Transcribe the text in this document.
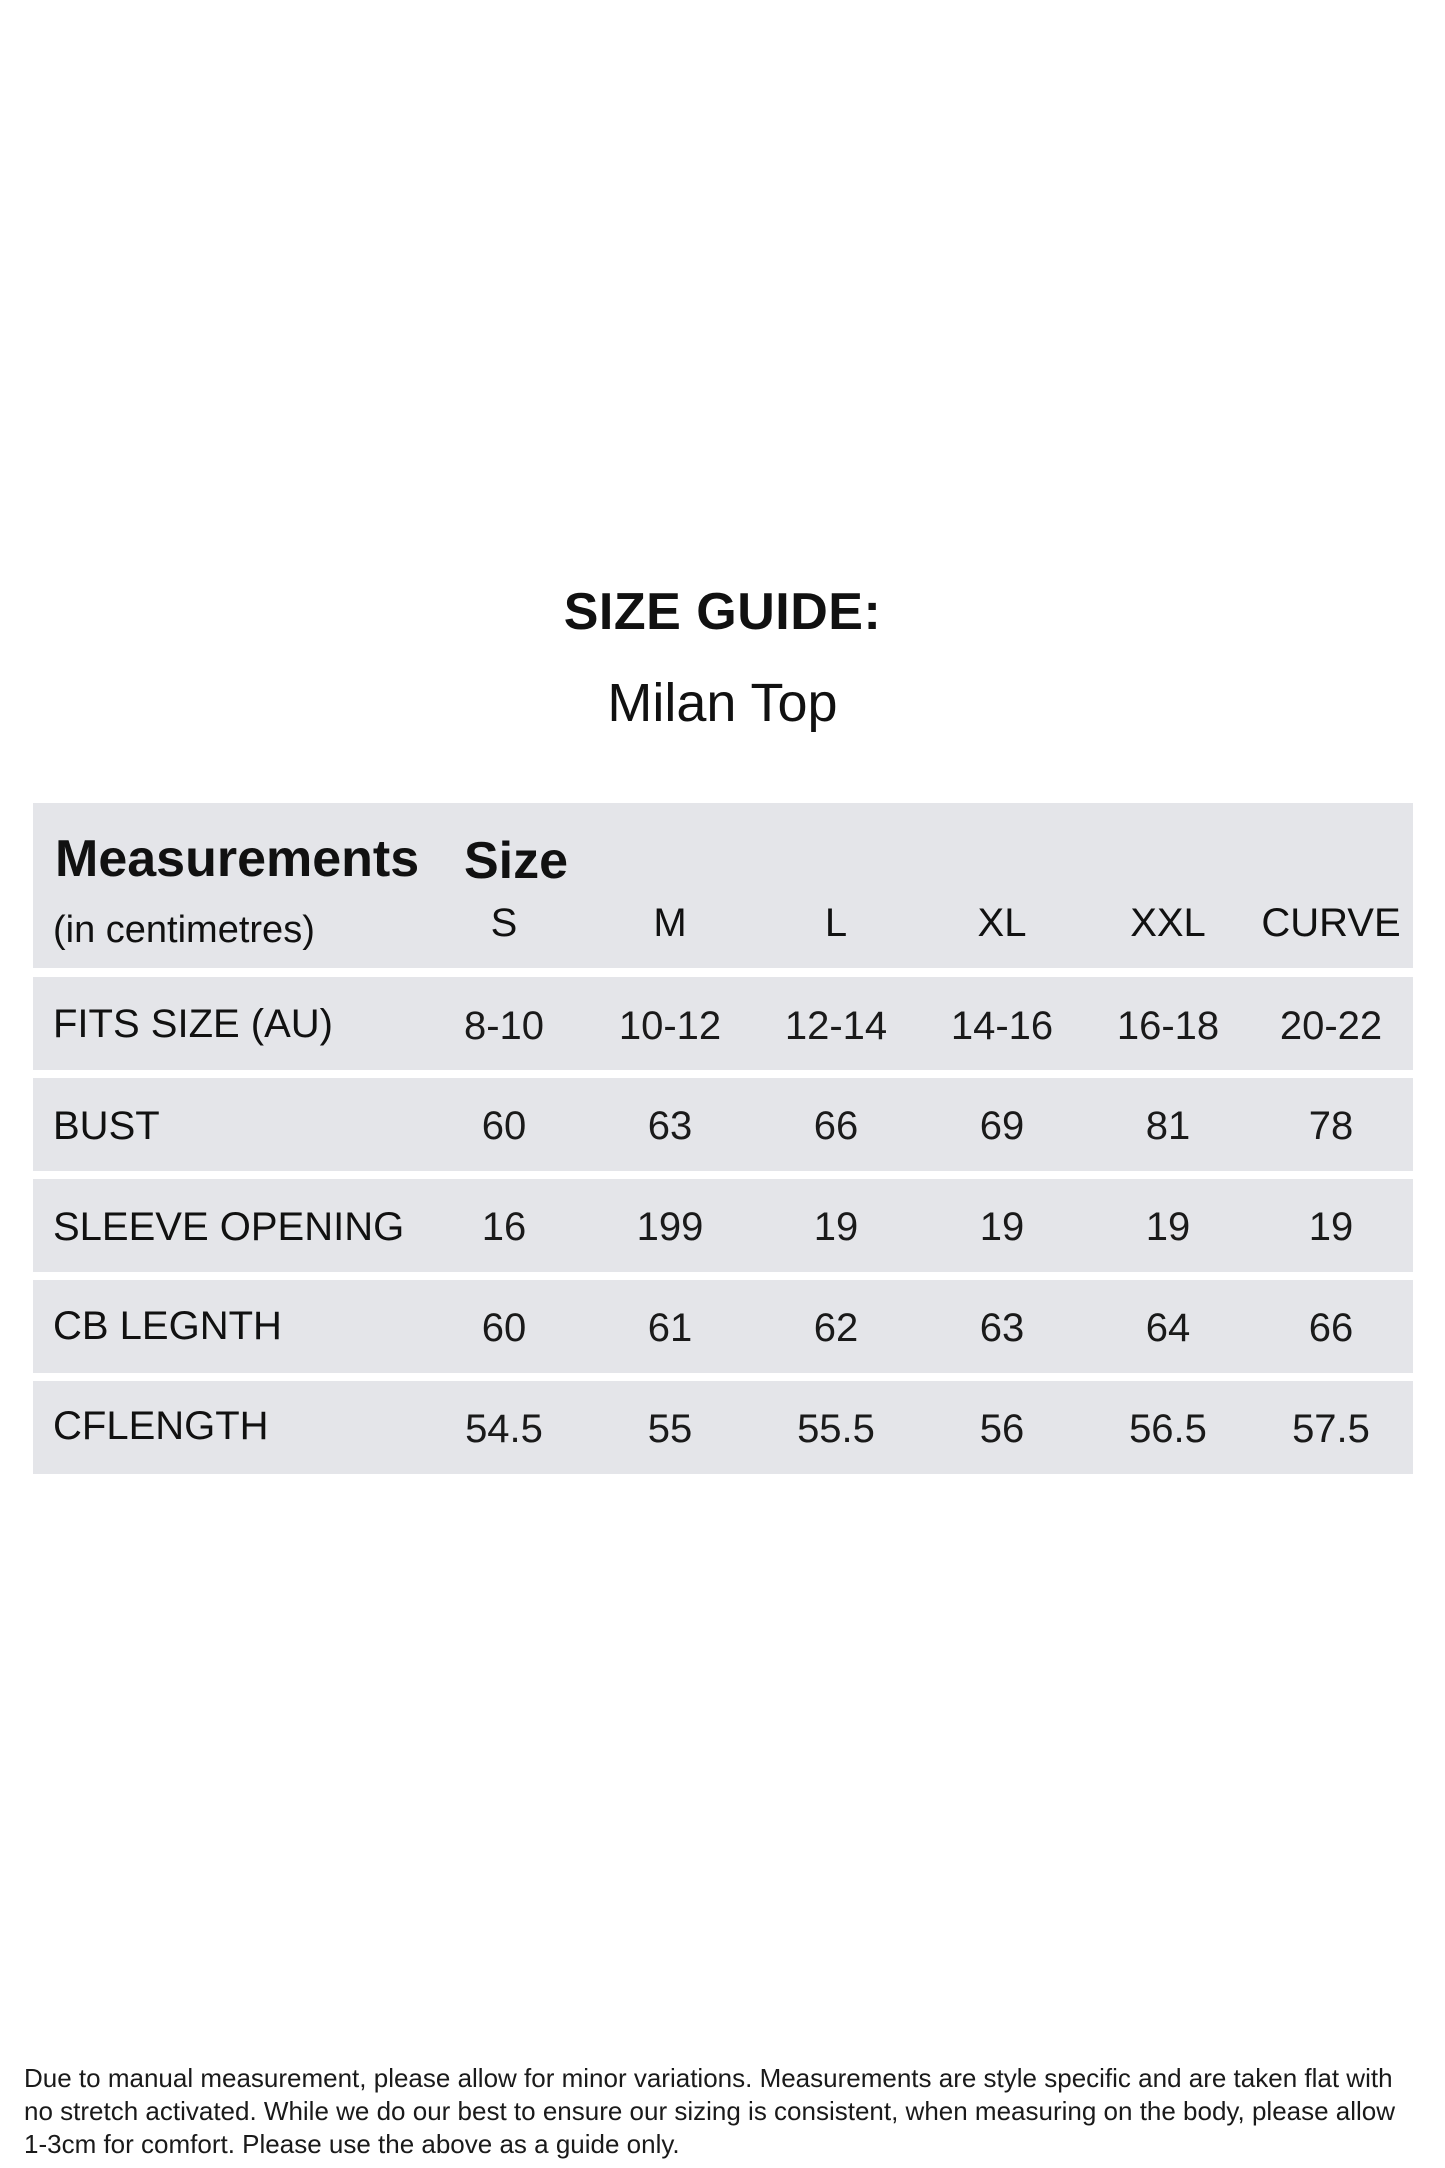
SIZE GUIDE:
Milan Top
Measurements
(in centimetres)
Size
S	M	L	XL	XXL	CURVE
FITS SIZE (AU)	8-10	10-12	12-14	14-16	16-18	20-22
BUST	60	63	66	69	81	78
SLEEVE OPENING	16	199	19	19	19	19
CB LEGNTH	60	61	62	63	64	66
CFLENGTH	54.5	55	55.5	56	56.5	57.5
Due to manual measurement, please allow for minor variations. Measurements are style specific and are taken flat with no stretch activated. While we do our best to ensure our sizing is consistent, when measuring on the body, please allow 1-3cm for comfort. Please use the above as a guide only.
